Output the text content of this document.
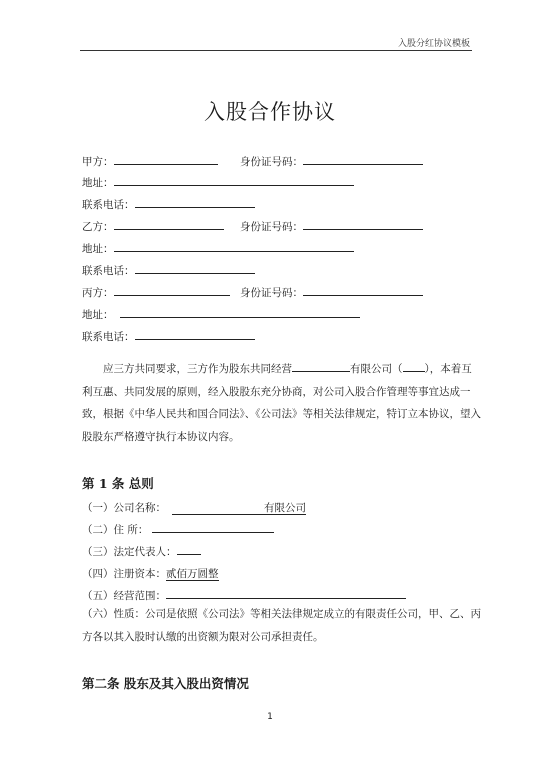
入股分红协议模板
入股合作协议
甲方：	身份证号码：
地址：
联系电话：
乙方：	身份证号码：
地址：
联系电话：
丙方：	身份证号码：
地址：
联系电话：
应三方共同要求，三方作为股东共同经营	有限公司（ ），本着互利互惠、共同发展的原则，经入股股东充分协商，对公司入股合作管理等事宜达成一致，根据《中华人民共和国合同法》、《公司法》等相关法律规定，特订立本协议，望入股股东严格遵守执行本协议内容。
第 1 条 总则
（一）公司名称：	有限公司
（二）住 所：
（三）法定代表人：
（四）注册资本：贰佰万圆整
（五）经营范围：
（六）性质：公司是依照《公司法》等相关法律规定成立的有限责任公司，甲、乙、丙方各以其入股时认缴的出资额为限对公司承担责任。
第二条 股东及其入股出资情况
1
